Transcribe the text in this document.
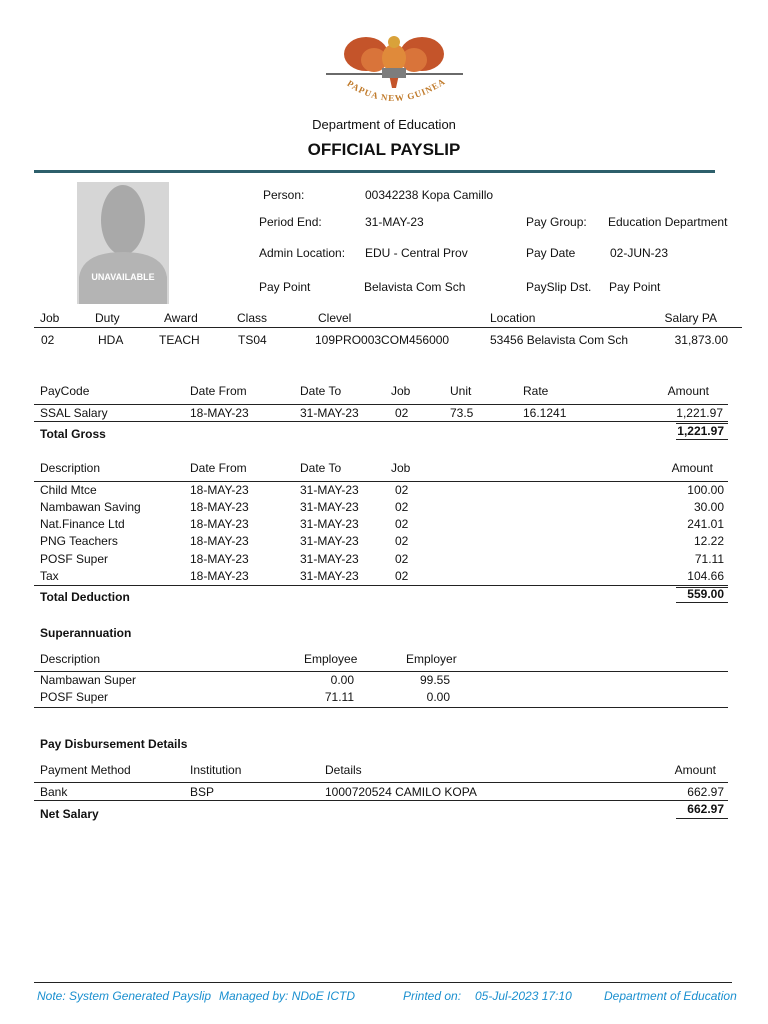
PAPUA NEW GUINEA
Department of Education
OFFICIAL PAYSLIP
UNAVAILABLE
Person:	00342238 Kopa Camillo
Period End:	31-MAY-23	Pay Group: Education Department
Admin Location: EDU - Central Prov	Pay Date	02-JUN-23
Pay Point	Belavista Com Sch	PaySlip Dst. Pay Point
Job	Duty	Award	Class	Clevel	Location	Salary PA
02	HDA	TEACH	TS04	109PRO003COM456000	53456 Belavista Com Sch	31,873.00
PayCode	Date From	Date To	Job	Unit	Rate	Amount
SSAL Salary	18-MAY-23	31-MAY-23	02	73.5	16.1241	1,221.97
Total Gross	1,221.97
Description	Date From	Date To	Job	Amount
Child Mtce	18-MAY-23	31-MAY-23	02	100.00
Nambawan Saving	18-MAY-23	31-MAY-23	02	30.00
Nat.Finance Ltd	18-MAY-23	31-MAY-23	02	241.01
PNG Teachers	18-MAY-23	31-MAY-23	02	12.22
POSF Super	18-MAY-23	31-MAY-23	02	71.11
Tax	18-MAY-23	31-MAY-23	02	104.66
Total Deduction	559.00
Superannuation
Description	Employee	Employer
Nambawan Super	0.00	99.55
POSF Super	71.11	0.00
Pay Disbursement Details
Payment Method	Institution	Details	Amount
Bank	BSP	1000720524 CAMILO KOPA	662.97
Net Salary	662.97
Note: System Generated Payslip Managed by: NDoE ICTD	Printed on: 05-Jul-2023 17:10	Department of Education
